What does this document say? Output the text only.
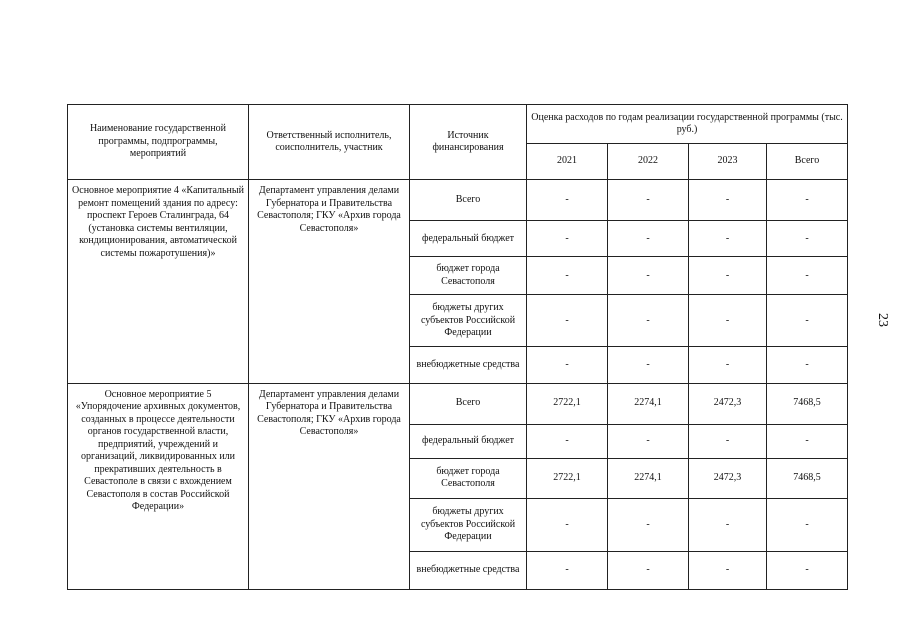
Наименование государственной программы, подпрограммы, мероприятий	Ответственный исполнитель, соисполнитель, участник	Источник финансирования	Оценка расходов по годам реализации государственной программы (тыс. руб.)			
			2021	2022	2023	Всего
Основное мероприятие 4 «Капитальный ремонт помещений здания по адресу: проспект Героев Сталинграда, 64 (установка системы вентиляции, кондиционирования, автоматической системы пожаротушения)»	Департамент управления делами Губернатора и Правительства Севастополя; ГКУ «Архив города Севастополя»	Всего	-	-	-	-
		федеральный бюджет	-	-	-	-
		бюджет города Севастополя	-	-	-	-
		бюджеты других субъектов Российской Федерации	-	-	-	-
		внебюджетные средства	-	-	-	-
Основное мероприятие 5 «Упорядочение архивных документов, созданных в процессе деятельности органов государственной власти, предприятий, учреждений и организаций, ликвидированных или прекративших деятельность в Севастополе в связи с вхождением Севастополя в состав Российской Федерации»	Департамент управления делами Губернатора и Правительства Севастополя; ГКУ «Архив города Севастополя»	Всего	2722,1	2274,1	2472,3	7468,5
		федеральный бюджет	-	-	-	-
		бюджет города Севастополя	2722,1	2274,1	2472,3	7468,5
		бюджеты других субъектов Российской Федерации	-	-	-	-
		внебюджетные средства	-	-	-	-
23
